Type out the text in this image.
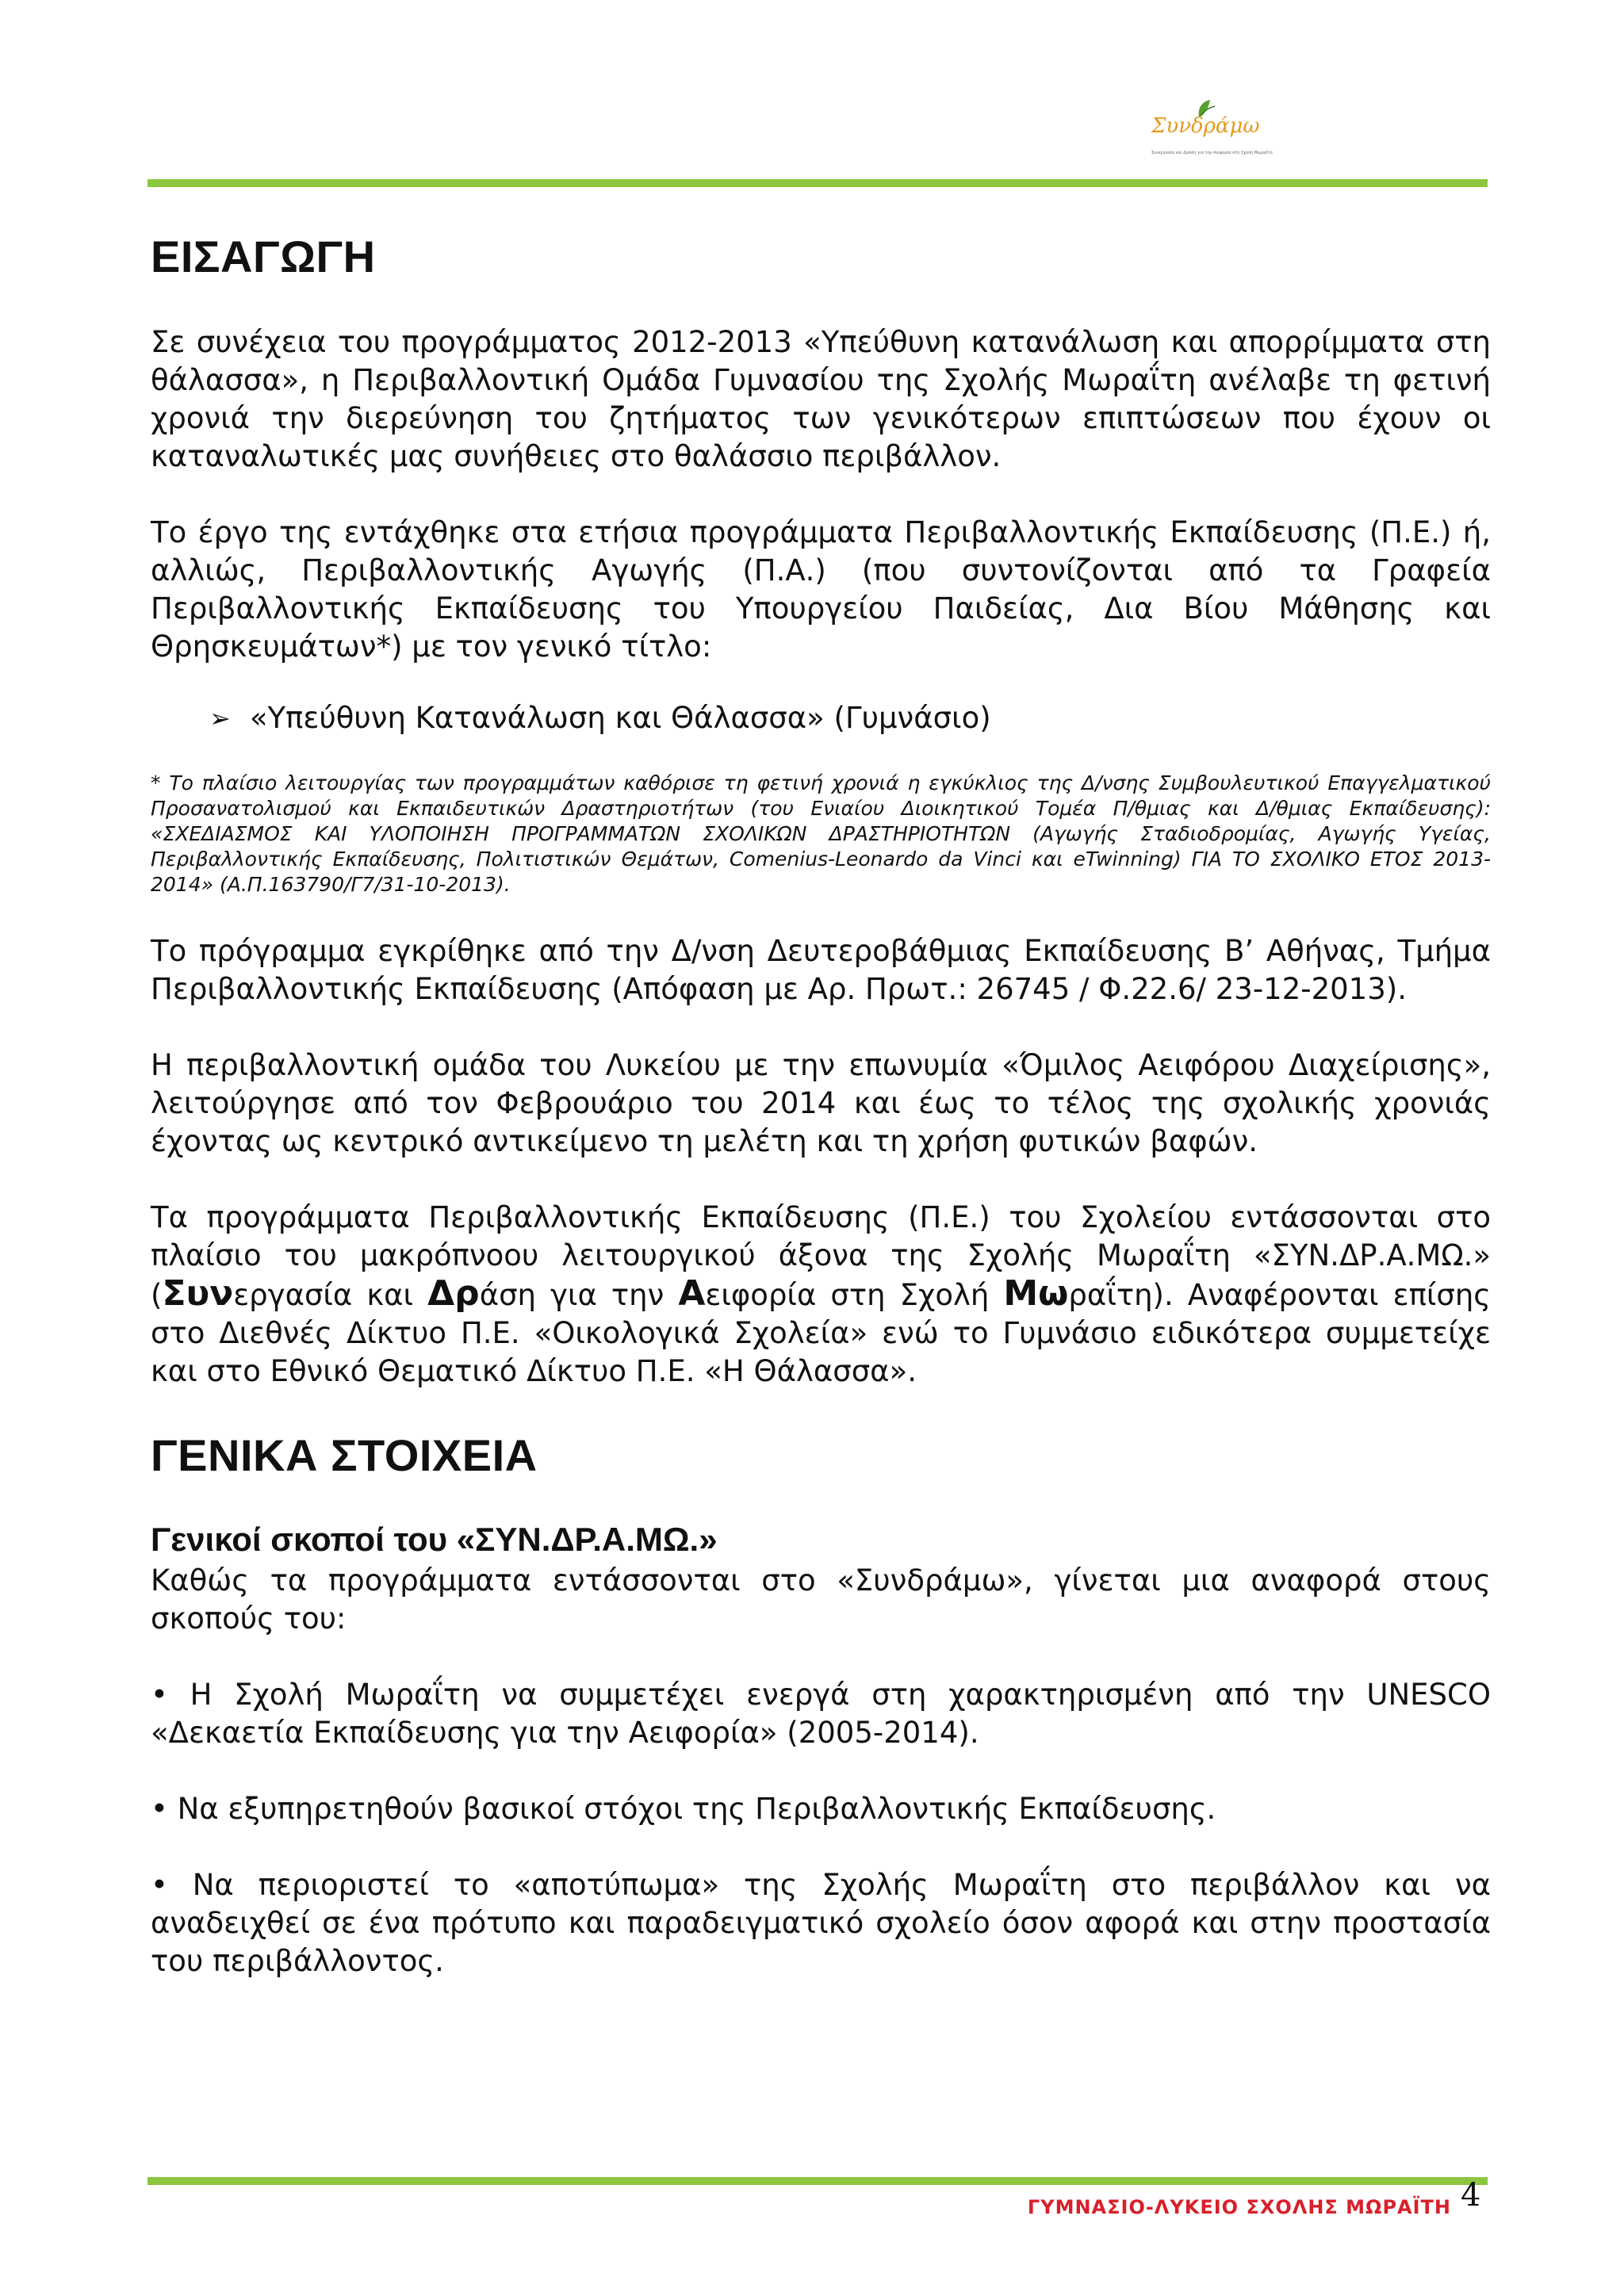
Συνδράμω
Συνεργασία και Δράση για την Αειφορία στη Σχολή Μωραΐτη
ΕΙΣΑΓΩΓΗ

Σε συνέχεια του προγράμματος 2012-2013 «Υπεύθυνη κατανάλωση και απορρίμματα στη θάλασσα», η Περιβαλλοντική Ομάδα Γυμνασίου της Σχολής Μωραΐτη ανέλαβε τη φετινή χρονιά την διερεύνηση του ζητήματος των γενικότερων επιπτώσεων που έχουν οι καταναλωτικές μας συνήθειες στο θαλάσσιο περιβάλλον.

Το έργο της εντάχθηκε στα ετήσια προγράμματα Περιβαλλοντικής Εκπαίδευσης (Π.Ε.) ή, αλλιώς, Περιβαλλοντικής Αγωγής (Π.Α.) (που συντονίζονται από τα Γραφεία Περιβαλλοντικής Εκπαίδευσης του Υπουργείου Παιδείας, Δια Βίου Μάθησης και Θρησκευμάτων*) με τον γενικό τίτλο:

➢ «Υπεύθυνη Κατανάλωση και Θάλασσα» (Γυμνάσιο)

* Το πλαίσιο λειτουργίας των προγραμμάτων καθόρισε τη φετινή χρονιά η εγκύκλιος της Δ/νσης Συμβουλευτικού Επαγγελματικού Προσανατολισμού και Εκπαιδευτικών Δραστηριοτήτων (του Ενιαίου Διοικητικού Τομέα Π/θμιας και Δ/θμιας Εκπαίδευσης): «ΣΧΕΔΙΑΣΜΟΣ ΚΑΙ ΥΛΟΠΟΙΗΣΗ ΠΡΟΓΡΑΜΜΑΤΩΝ ΣΧΟΛΙΚΩΝ ΔΡΑΣΤΗΡΙΟΤΗΤΩΝ (Αγωγής Σταδιοδρομίας, Αγωγής Υγείας, Περιβαλλοντικής Εκπαίδευσης, Πολιτιστικών Θεμάτων, Comenius-Leonardo da Vinci και eTwinning) ΓΙΑ ΤΟ ΣΧΟΛΙΚΟ ΕΤΟΣ 2013-2014» (Α.Π.163790/Γ7/31-10-2013).

Το πρόγραμμα εγκρίθηκε από την Δ/νση Δευτεροβάθμιας Εκπαίδευσης Β’ Αθήνας, Τμήμα Περιβαλλοντικής Εκπαίδευσης (Απόφαση με Αρ. Πρωτ.: 26745 / Φ.22.6/ 23-12-2013).

Η περιβαλλοντική ομάδα του Λυκείου με την επωνυμία «Όμιλος Αειφόρου Διαχείρισης», λειτούργησε από τον Φεβρουάριο του 2014 και έως το τέλος της σχολικής χρονιάς έχοντας ως κεντρικό αντικείμενο τη μελέτη και τη χρήση φυτικών βαφών.

Τα προγράμματα Περιβαλλοντικής Εκπαίδευσης (Π.Ε.) του Σχολείου εντάσσονται στο πλαίσιο του μακρόπνοου λειτουργικού άξονα της Σχολής Μωραΐτη «ΣΥΝ.ΔΡ.Α.ΜΩ.» (Συνεργασία και Δράση για την Αειφορία στη Σχολή Μωραΐτη). Αναφέρονται επίσης στο Διεθνές Δίκτυο Π.Ε. «Οικολογικά Σχολεία» ενώ το Γυμνάσιο ειδικότερα συμμετείχε και στο Εθνικό Θεματικό Δίκτυο Π.Ε. «Η Θάλασσα».

ΓΕΝΙΚΑ ΣΤΟΙΧΕΙΑ
Γενικοί σκοποί του «ΣΥΝ.ΔΡ.Α.ΜΩ.»

Καθώς τα προγράμματα εντάσσονται στο «Συνδράμω», γίνεται μια αναφορά στους σκοπούς του:

• Η Σχολή Μωραΐτη να συμμετέχει ενεργά στη χαρακτηρισμένη από την UNESCO «Δεκαετία Εκπαίδευσης για την Αειφορία» (2005-2014).

• Να εξυπηρετηθούν βασικοί στόχοι της Περιβαλλοντικής Εκπαίδευσης.

• Να περιοριστεί το «αποτύπωμα» της Σχολής Μωραΐτη στο περιβάλλον και να αναδειχθεί σε ένα πρότυπο και παραδειγματικό σχολείο όσον αφορά και στην προστασία του περιβάλλοντος.

ΓΥΜΝΑΣΙΟ-ΛΥΚΕΙΟ ΣΧΟΛΗΣ ΜΩΡΑΪΤΗ 4
